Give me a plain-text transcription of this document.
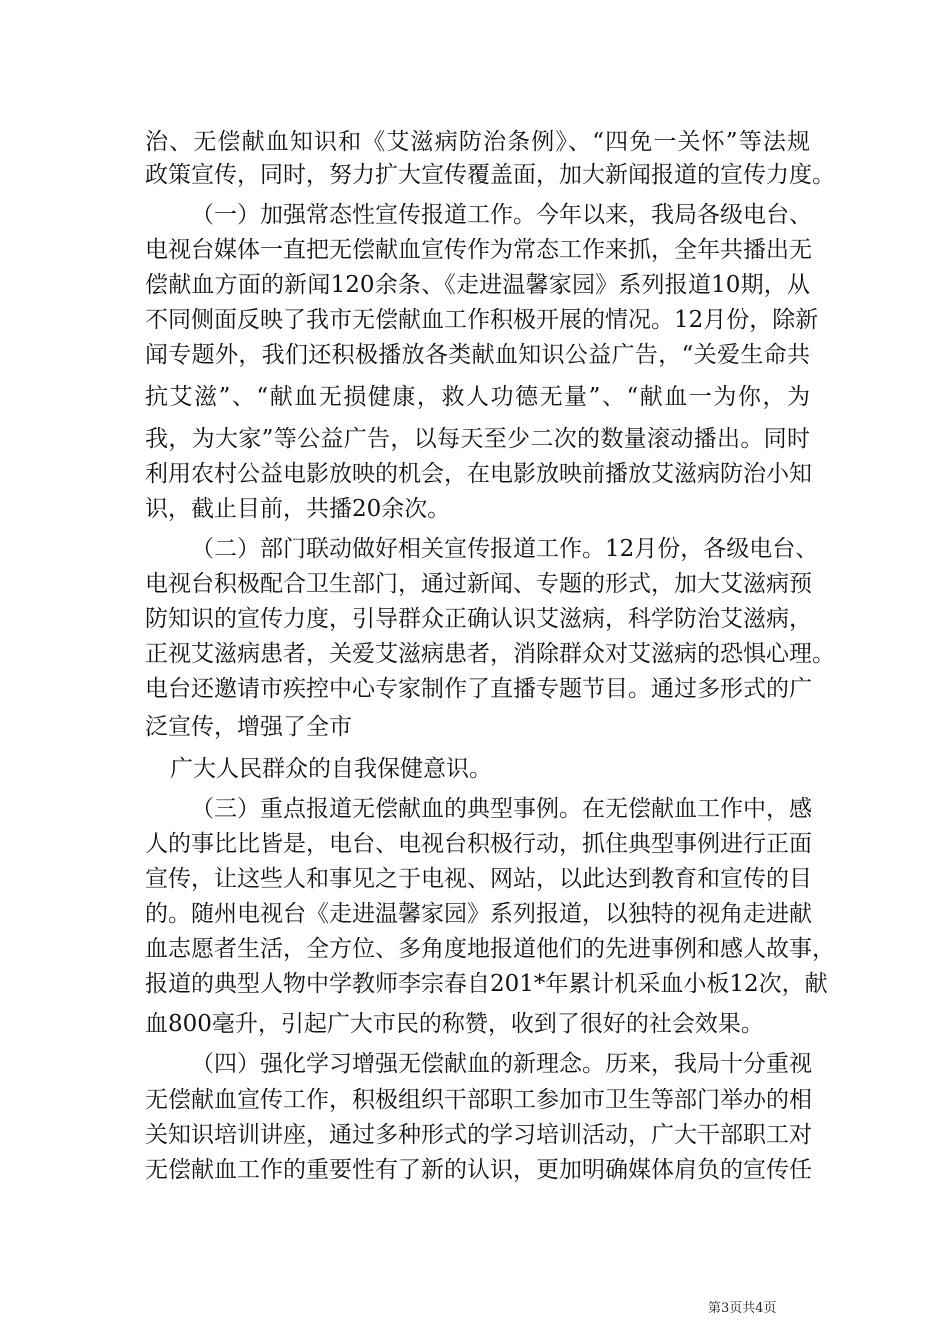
治、无偿献血知识和《艾滋病防治条例》、“四免一关怀”等法规
政策宣传，同时，努力扩大宣传覆盖面，加大新闻报道的宣传力度。
（一）加强常态性宣传报道工作。今年以来，我局各级电台、
电视台媒体一直把无偿献血宣传作为常态工作来抓，全年共播出无
偿献血方面的新闻120余条、《走进温馨家园》系列报道10期，从
不同侧面反映了我市无偿献血工作积极开展的情况。12月份，除新
闻专题外，我们还积极播放各类献血知识公益广告，“关爱生命共
抗艾滋”、“献血无损健康，救人功德无量”、“献血一为你，为
我，为大家”等公益广告，以每天至少二次的数量滚动播出。同时
利用农村公益电影放映的机会，在电影放映前播放艾滋病防治小知
识，截止目前，共播20余次。
（二）部门联动做好相关宣传报道工作。12月份，各级电台、
电视台积极配合卫生部门，通过新闻、专题的形式，加大艾滋病预
防知识的宣传力度，引导群众正确认识艾滋病，科学防治艾滋病，
正视艾滋病患者，关爱艾滋病患者，消除群众对艾滋病的恐惧心理。
电台还邀请市疾控中心专家制作了直播专题节目。通过多形式的广
泛宣传，增强了全市
广大人民群众的自我保健意识。
（三）重点报道无偿献血的典型事例。在无偿献血工作中，感
人的事比比皆是，电台、电视台积极行动，抓住典型事例进行正面
宣传，让这些人和事见之于电视、网站，以此达到教育和宣传的目
的。随州电视台《走进温馨家园》系列报道，以独特的视角走进献
血志愿者生活，全方位、多角度地报道他们的先进事例和感人故事，
报道的典型人物中学教师李宗春自201*年累计机采血小板12次，献
血800毫升，引起广大市民的称赞，收到了很好的社会效果。
（四）强化学习增强无偿献血的新理念。历来，我局十分重视
无偿献血宣传工作，积极组织干部职工参加市卫生等部门举办的相
关知识培训讲座，通过多种形式的学习培训活动，广大干部职工对
无偿献血工作的重要性有了新的认识，更加明确媒体肩负的宣传任
第3页共4页
